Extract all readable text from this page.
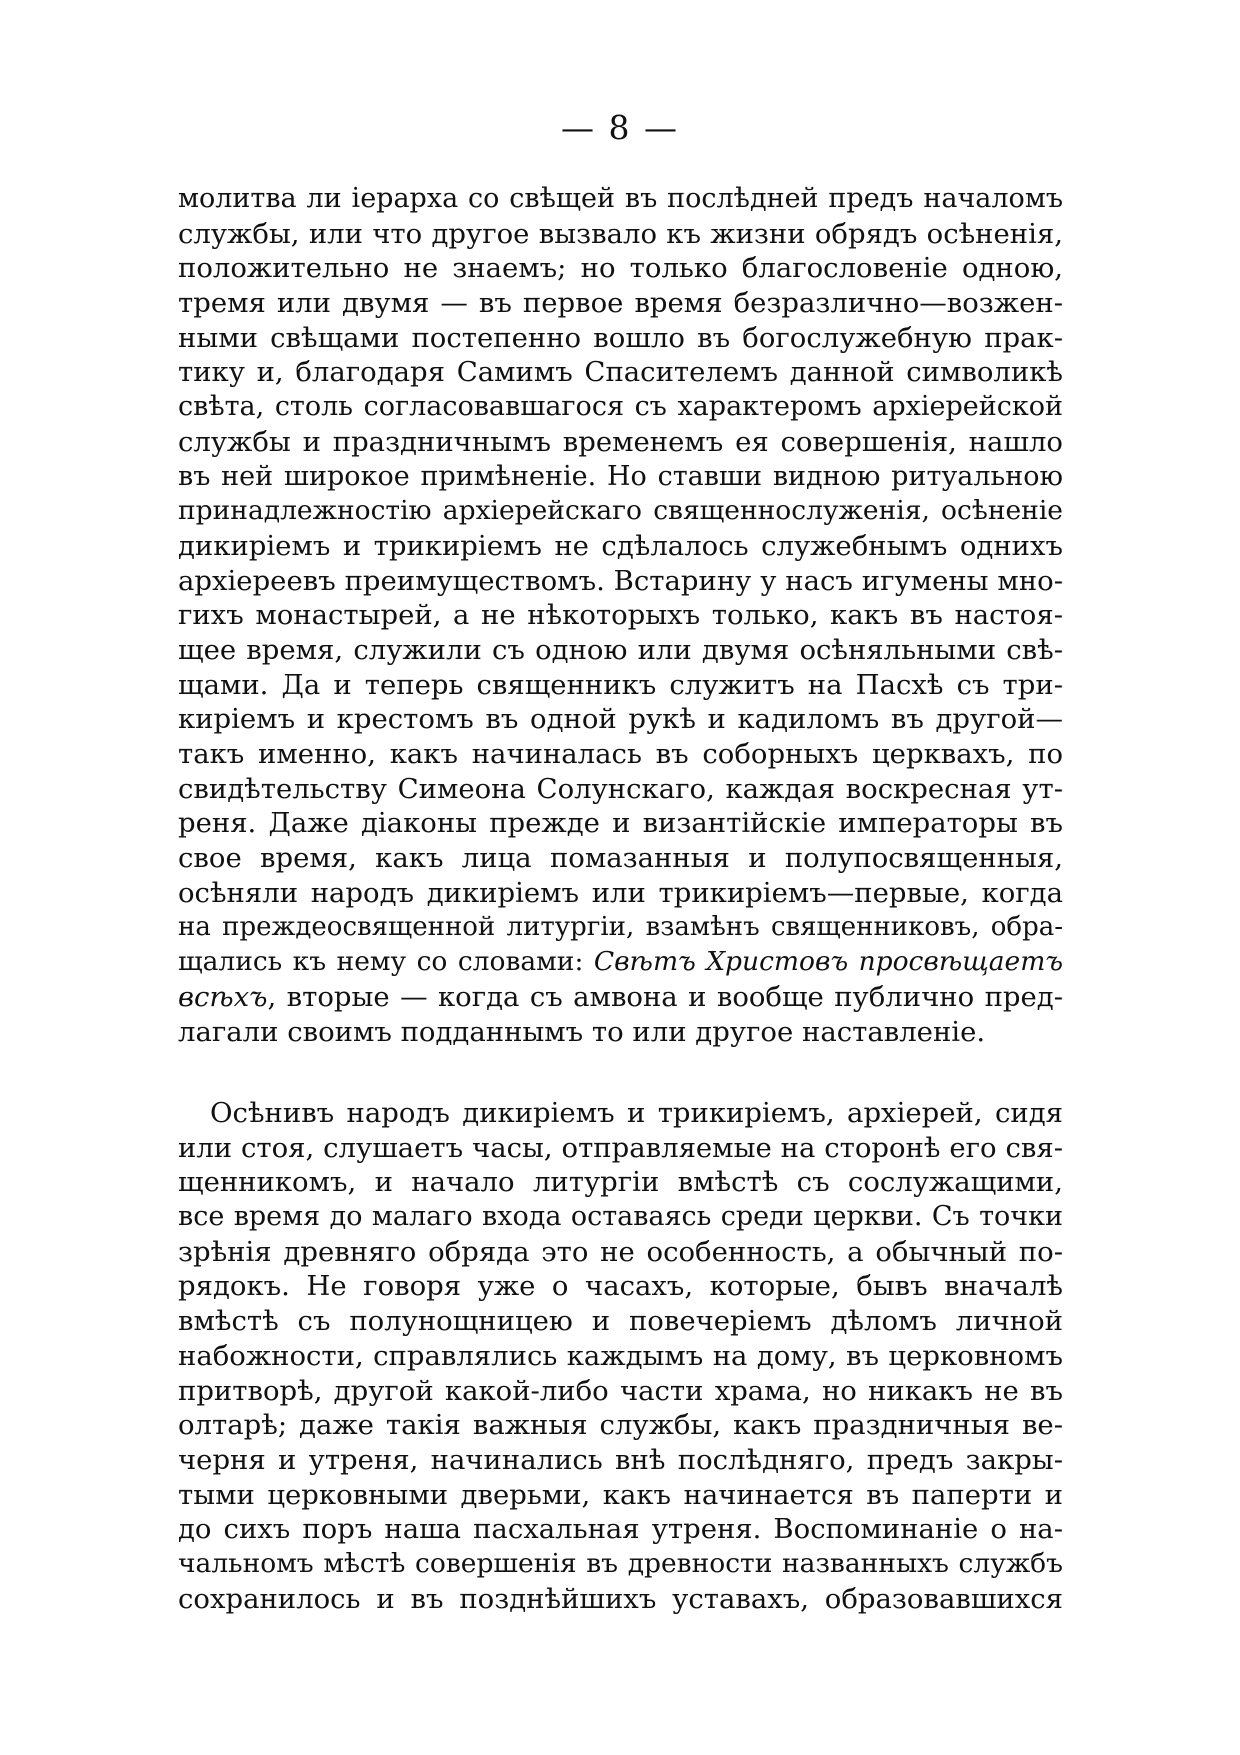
— 8 —
молитва ли іерарха со свѣщей въ послѣдней предъ началомъ
службы, или что другое вызвало къ жизни обрядъ осѣненія,
положительно не знаемъ; но только благословеніе одною,
тремя или двумя — въ первое время безразлично—возжен-
ными свѣщами постепенно вошло въ богослужебную прак-
тику и, благодаря Самимъ Спасителемъ данной символикѣ
свѣта, столь согласовавшагося съ характеромъ архіерейской
службы и праздничнымъ временемъ ея совершенія, нашло
въ ней широкое примѣненіе. Но ставши видною ритуальною
принадлежностію архіерейскаго священнослуженія, осѣненіе
дикиріемъ и трикиріемъ не сдѣлалось служебнымъ однихъ
архіереевъ преимуществомъ. Встарину у насъ игумены мно-
гихъ монастырей, а не нѣкоторыхъ только, какъ въ настоя-
щее время, служили съ одною или двумя осѣняльными свѣ-
щами. Да и теперь священникъ служитъ на Пасхѣ съ три-
киріемъ и крестомъ въ одной рукѣ и кадиломъ въ другой—
такъ именно, какъ начиналась въ соборныхъ церквахъ, по
свидѣтельству Симеона Солунскаго, каждая воскресная ут-
реня. Даже діаконы прежде и византійскіе императоры въ
свое время, какъ лица помазанныя и полупосвященныя,
осѣняли народъ дикиріемъ или трикиріемъ—первые, когда
на преждеосвященной литургіи, взамѣнъ священниковъ, обра-
щались къ нему со словами: Свѣтъ Христовъ просвѣщаетъ
всѣхъ, вторые — когда съ амвона и вообще публично пред-
лагали своимъ подданнымъ то или другое наставленіе.
Осѣнивъ народъ дикиріемъ и трикиріемъ, архіерей, сидя
или стоя, слушаетъ часы, отправляемые на сторонѣ его свя-
щенникомъ, и начало литургіи вмѣстѣ съ сослужащими,
все время до малаго входа оставаясь среди церкви. Съ точки
зрѣнія древняго обряда это не особенность, а обычный по-
рядокъ. Не говоря уже о часахъ, которые, бывъ вначалѣ
вмѣстѣ съ полунощницею и повечеріемъ дѣломъ личной
набожности, справлялись каждымъ на дому, въ церковномъ
притворѣ, другой какой-либо части храма, но никакъ не въ
олтарѣ; даже такія важныя службы, какъ праздничныя ве-
черня и утреня, начинались внѣ послѣдняго, предъ закры-
тыми церковными дверьми, какъ начинается въ паперти и
до сихъ поръ наша пасхальная утреня. Воспоминаніе о на-
чальномъ мѣстѣ совершенія въ древности названныхъ службъ
сохранилось и въ позднѣйшихъ уставахъ, образовавшихся
